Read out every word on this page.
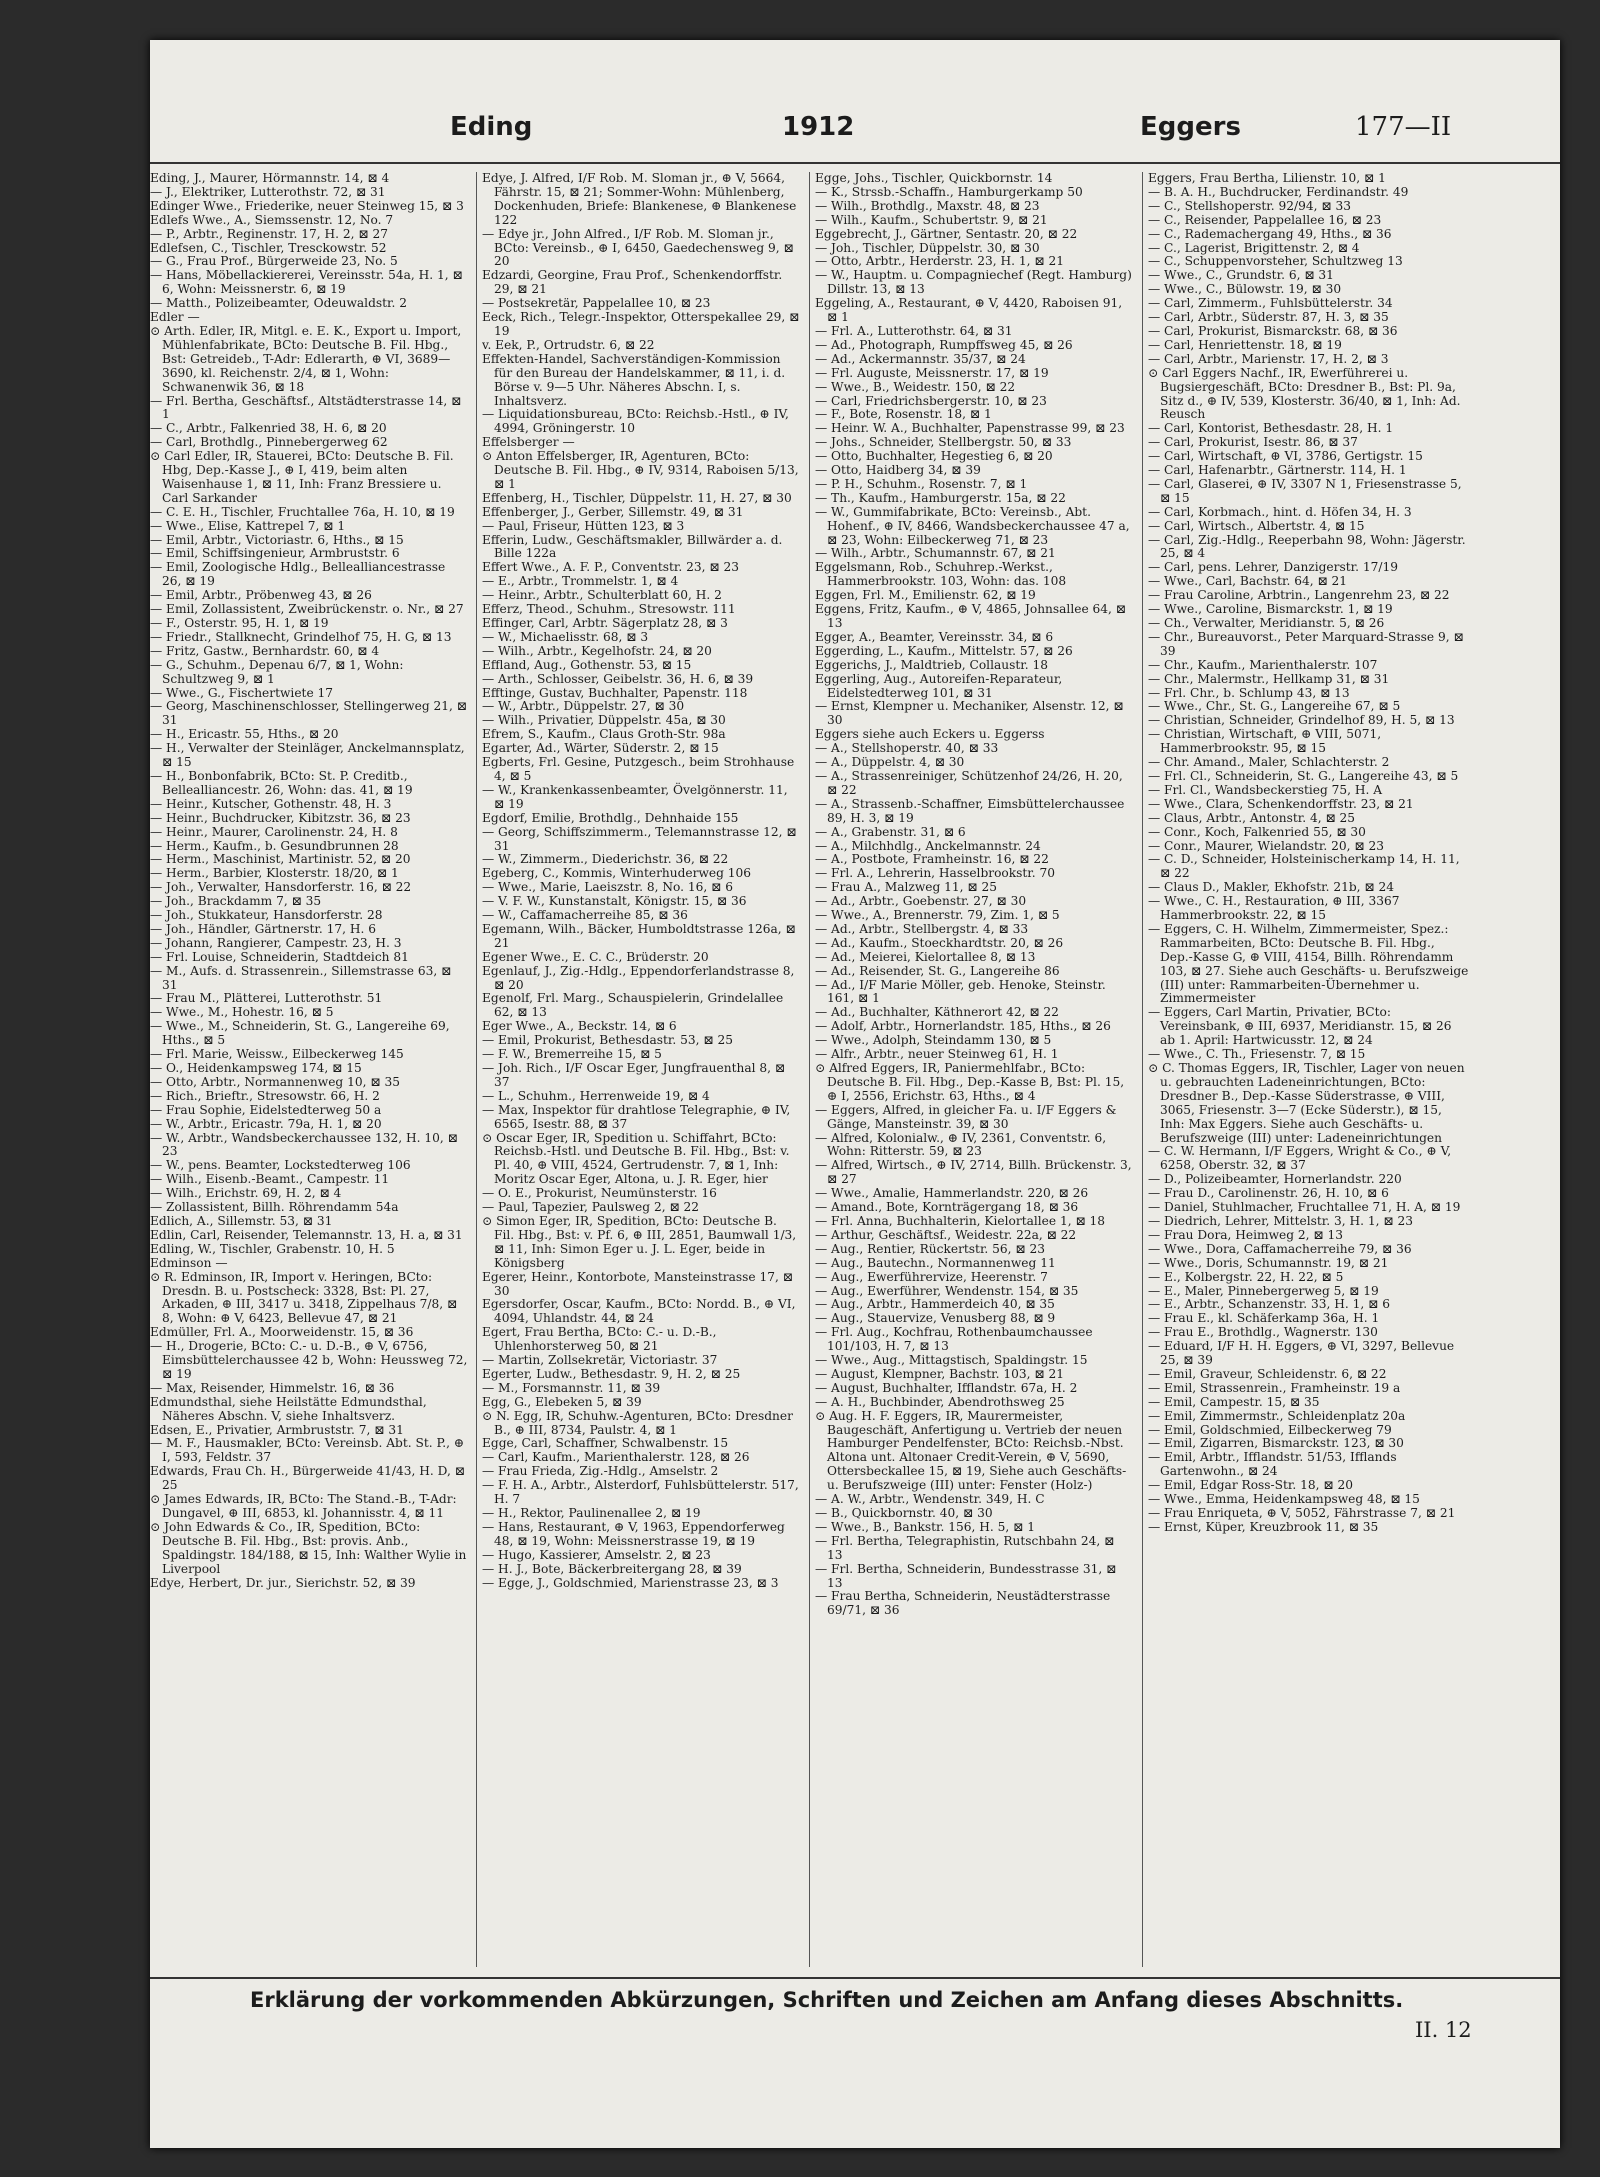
Eding	1912	Eggers	177—II

Eding, J., Maurer, Hörmannstr. 14, ⊠ 4

— J., Elektriker, Lutterothstr. 72, ⊠ 31

Edinger Wwe., Friederike, neuer Steinweg 15, ⊠ 3

Edlefs Wwe., A., Siemssenstr. 12, No. 7

— P., Arbtr., Reginenstr. 17, H. 2, ⊠ 27

Edlefsen, C., Tischler, Tresckowstr. 52

— G., Frau Prof., Bürgerweide 23, No. 5

— Hans, Möbellackiererei, Vereinsstr. 54a, H. 1, ⊠ 6, Wohn: Meissnerstr. 6, ⊠ 19

— Matth., Polizeibeamter, Odeuwaldstr. 2

Edler —

⊙ Arth. Edler, IR, Mitgl. e. E. K., Export u. Import, Mühlenfabrikate, BCto: Deutsche B. Fil. Hbg., Bst: Getreideb., T-Adr: Edlerarth, ⊕ VI, 3689—3690, kl. Reichenstr. 2/4, ⊠ 1, Wohn: Schwanenwik 36, ⊠ 18

— Frl. Bertha, Geschäftsf., Altstädterstrasse 14, ⊠ 1

— C., Arbtr., Falkenried 38, H. 6, ⊠ 20

— Carl, Brothdlg., Pinnebergerweg 62

⊙ Carl Edler, IR, Stauerei, BCto: Deutsche B. Fil. Hbg, Dep.-Kasse J., ⊕ I, 419, beim alten Waisenhause 1, ⊠ 11, Inh: Franz Bressiere u. Carl Sarkander

— C. E. H., Tischler, Fruchtallee 76a, H. 10, ⊠ 19

— Wwe., Elise, Kattrepel 7, ⊠ 1

— Emil, Arbtr., Victoriastr. 6, Hths., ⊠ 15

— Emil, Schiffsingenieur, Armbruststr. 6

— Emil, Zoologische Hdlg., Bellealliancestrasse 26, ⊠ 19

— Emil, Arbtr., Pröbenweg 43, ⊠ 26

— Emil, Zollassistent, Zweibrückenstr. o. Nr., ⊠ 27

— F., Osterstr. 95, H. 1, ⊠ 19

— Friedr., Stallknecht, Grindelhof 75, H. G, ⊠ 13

— Fritz, Gastw., Bernhardstr. 60, ⊠ 4

— G., Schuhm., Depenau 6/7, ⊠ 1, Wohn: Schultzweg 9, ⊠ 1

— Wwe., G., Fischertwiete 17

— Georg, Maschinenschlosser, Stellingerweg 21, ⊠ 31

— H., Ericastr. 55, Hths., ⊠ 20

— H., Verwalter der Steinläger, Anckelmannsplatz, ⊠ 15

— H., Bonbonfabrik, BCto: St. P. Creditb., Bellealliancestr. 26, Wohn: das. 41, ⊠ 19

— Heinr., Kutscher, Gothenstr. 48, H. 3

— Heinr., Buchdrucker, Kibitzstr. 36, ⊠ 23

— Heinr., Maurer, Carolinenstr. 24, H. 8

— Herm., Kaufm., b. Gesundbrunnen 28

— Herm., Maschinist, Martinistr. 52, ⊠ 20

— Herm., Barbier, Klosterstr. 18/20, ⊠ 1

— Joh., Verwalter, Hansdorferstr. 16, ⊠ 22

— Joh., Brackdamm 7, ⊠ 35

— Joh., Stukkateur, Hansdorferstr. 28

— Joh., Händler, Gärtnerstr. 17, H. 6

— Johann, Rangierer, Campestr. 23, H. 3

— Frl. Louise, Schneiderin, Stadtdeich 81

— M., Aufs. d. Strassenrein., Sillemstrasse 63, ⊠ 31

— Frau M., Plätterei, Lutterothstr. 51

— Wwe., M., Hohestr. 16, ⊠ 5

— Wwe., M., Schneiderin, St. G., Langereihe 69, Hths., ⊠ 5

— Frl. Marie, Weissw., Eilbeckerweg 145

— O., Heidenkampsweg 174, ⊠ 15

— Otto, Arbtr., Normannenweg 10, ⊠ 35

— Rich., Brieftr., Stresowstr. 66, H. 2

— Frau Sophie, Eidelstedterweg 50 a

— W., Arbtr., Ericastr. 79a, H. 1, ⊠ 20

— W., Arbtr., Wandsbeckerchaussee 132, H. 10, ⊠ 23

— W., pens. Beamter, Lockstedterweg 106

— Wilh., Eisenb.-Beamt., Campestr. 11

— Wilh., Erichstr. 69, H. 2, ⊠ 4

— Zollassistent, Billh. Röhrendamm 54a

Edlich, A., Sillemstr. 53, ⊠ 31

Edlin, Carl, Reisender, Telemannstr. 13, H. a, ⊠ 31

Edling, W., Tischler, Grabenstr. 10, H. 5

Edminson —

⊙ R. Edminson, IR, Import v. Heringen, BCto: Dresdn. B. u. Postscheck: 3328, Bst: Pl. 27, Arkaden, ⊕ III, 3417 u. 3418, Zippelhaus 7/8, ⊠ 8, Wohn: ⊕ V, 6423, Bellevue 47, ⊠ 21

Edmüller, Frl. A., Moorweidenstr. 15, ⊠ 36

— H., Drogerie, BCto: C.- u. D.-B., ⊕ V, 6756, Eimsbüttelerchaussee 42 b, Wohn: Heussweg 72, ⊠ 19

— Max, Reisender, Himmelstr. 16, ⊠ 36

Edmundsthal, siehe Heilstätte Edmundsthal, Näheres Abschn. V, siehe Inhaltsverz.

Edsen, E., Privatier, Armbruststr. 7, ⊠ 31

— M. F., Hausmakler, BCto: Vereinsb. Abt. St. P., ⊕ I, 593, Feldstr. 37

Edwards, Frau Ch. H., Bürgerweide 41/43, H. D, ⊠ 25

⊙ James Edwards, IR, BCto: The Stand.-B., T-Adr: Dungavel, ⊕ III, 6853, kl. Johannisstr. 4, ⊠ 11

⊙ John Edwards & Co., IR, Spedition, BCto: Deutsche B. Fil. Hbg., Bst: provis. Anb., Spaldingstr. 184/188, ⊠ 15, Inh: Walther Wylie in Liverpool

Edye, Herbert, Dr. jur., Sierichstr. 52, ⊠ 39

Edye, J. Alfred, I/F Rob. M. Sloman jr., ⊕ V, 5664, Fährstr. 15, ⊠ 21; Sommer-Wohn: Mühlenberg, Dockenhuden, Briefe: Blankenese, ⊕ Blankenese 122

— Edye jr., John Alfred., I/F Rob. M. Sloman jr., BCto: Vereinsb., ⊕ I, 6450, Gaedechensweg 9, ⊠ 20

Edzardi, Georgine, Frau Prof., Schenkendorffstr. 29, ⊠ 21

— Postsekretär, Pappelallee 10, ⊠ 23

Eeck, Rich., Telegr.-Inspektor, Otterspekallee 29, ⊠ 19

v. Eek, P., Ortrudstr. 6, ⊠ 22

Effekten-Handel, Sachverständigen-Kommission für den Bureau der Handelskammer, ⊠ 11, i. d. Börse v. 9—5 Uhr. Näheres Abschn. I, s. Inhaltsverz.

— Liquidationsbureau, BCto: Reichsb.-Hstl., ⊕ IV, 4994, Gröningerstr. 10

Effelsberger —

⊙ Anton Effelsberger, IR, Agenturen, BCto: Deutsche B. Fil. Hbg., ⊕ IV, 9314, Raboisen 5/13, ⊠ 1

Effenberg, H., Tischler, Düppelstr. 11, H. 27, ⊠ 30

Effenberger, J., Gerber, Sillemstr. 49, ⊠ 31

— Paul, Friseur, Hütten 123, ⊠ 3

Efferin, Ludw., Geschäftsmakler, Billwärder a. d. Bille 122a

Effert Wwe., A. F. P., Conventstr. 23, ⊠ 23

— E., Arbtr., Trommelstr. 1, ⊠ 4

— Heinr., Arbtr., Schulterblatt 60, H. 2

Efferz, Theod., Schuhm., Stresowstr. 111

Effinger, Carl, Arbtr. Sägerplatz 28, ⊠ 3

— W., Michaelisstr. 68, ⊠ 3

— Wilh., Arbtr., Kegelhofstr. 24, ⊠ 20

Effland, Aug., Gothenstr. 53, ⊠ 15

— Arth., Schlosser, Geibelstr. 36, H. 6, ⊠ 39

Efftinge, Gustav, Buchhalter, Papenstr. 118

— W., Arbtr., Düppelstr. 27, ⊠ 30

— Wilh., Privatier, Düppelstr. 45a, ⊠ 30

Efrem, S., Kaufm., Claus Groth-Str. 98a

Egarter, Ad., Wärter, Süderstr. 2, ⊠ 15

Egberts, Frl. Gesine, Putzgesch., beim Strohhause 4, ⊠ 5

— W., Krankenkassenbeamter, Övelgönnerstr. 11, ⊠ 19

Egdorf, Emilie, Brothdlg., Dehnhaide 155

— Georg, Schiffszimmerm., Telemannstrasse 12, ⊠ 31

— W., Zimmerm., Diederichstr. 36, ⊠ 22

Egeberg, C., Kommis, Winterhuderweg 106

— Wwe., Marie, Laeiszstr. 8, No. 16, ⊠ 6

— V. F. W., Kunstanstalt, Königstr. 15, ⊠ 36

— W., Caffamacherreihe 85, ⊠ 36

Egemann, Wilh., Bäcker, Humboldtstrasse 126a, ⊠ 21

Egener Wwe., E. C. C., Brüderstr. 20

Egenlauf, J., Zig.-Hdlg., Eppendorferlandstrasse 8, ⊠ 20

Egenolf, Frl. Marg., Schauspielerin, Grindelallee 62, ⊠ 13

Eger Wwe., A., Beckstr. 14, ⊠ 6

— Emil, Prokurist, Bethesdastr. 53, ⊠ 25

— F. W., Bremerreihe 15, ⊠ 5

— Joh. Rich., I/F Oscar Eger, Jungfrauenthal 8, ⊠ 37

— L., Schuhm., Herrenweide 19, ⊠ 4

— Max, Inspektor für drahtlose Telegraphie, ⊕ IV, 6565, Isestr. 88, ⊠ 37

⊙ Oscar Eger, IR, Spedition u. Schiffahrt, BCto: Reichsb.-Hstl. und Deutsche B. Fil. Hbg., Bst: v. Pl. 40, ⊕ VIII, 4524, Gertrudenstr. 7, ⊠ 1, Inh: Moritz Oscar Eger, Altona, u. J. R. Eger, hier

— O. E., Prokurist, Neumünsterstr. 16

— Paul, Tapezier, Paulsweg 2, ⊠ 22

⊙ Simon Eger, IR, Spedition, BCto: Deutsche B. Fil. Hbg., Bst: v. Pf. 6, ⊕ III, 2851, Baumwall 1/3, ⊠ 11, Inh: Simon Eger u. J. L. Eger, beide in Königsberg

Egerer, Heinr., Kontorbote, Mansteinstrasse 17, ⊠ 30

Egersdorfer, Oscar, Kaufm., BCto: Nordd. B., ⊕ VI, 4094, Uhlandstr. 44, ⊠ 24

Egert, Frau Bertha, BCto: C.- u. D.-B., Uhlenhorsterweg 50, ⊠ 21

— Martin, Zollsekretär, Victoriastr. 37

Egerter, Ludw., Bethesdastr. 9, H. 2, ⊠ 25

— M., Forsmannstr. 11, ⊠ 39

Egg, G., Elebeken 5, ⊠ 39

⊙ N. Egg, IR, Schuhw.-Agenturen, BCto: Dresdner B., ⊕ III, 8734, Paulstr. 4, ⊠ 1

Egge, Carl, Schaffner, Schwalbenstr. 15

— Carl, Kaufm., Marienthalerstr. 128, ⊠ 26

— Frau Frieda, Zig.-Hdlg., Amselstr. 2

— F. H. A., Arbtr., Alsterdorf, Fuhlsbüttelerstr. 517, H. 7

— H., Rektor, Paulinenallee 2, ⊠ 19

— Hans, Restaurant, ⊕ V, 1963, Eppendorferweg 48, ⊠ 19, Wohn: Meissnerstrasse 19, ⊠ 19

— Hugo, Kassierer, Amselstr. 2, ⊠ 23

— H. J., Bote, Bäckerbreitergang 28, ⊠ 39

— Egge, J., Goldschmied, Marienstrasse 23, ⊠ 3

Egge, Johs., Tischler, Quickbornstr. 14

— K., Strssb.-Schaffn., Hamburgerkamp 50

— Wilh., Brothdlg., Maxstr. 48, ⊠ 23

— Wilh., Kaufm., Schubertstr. 9, ⊠ 21

Eggebrecht, J., Gärtner, Sentastr. 20, ⊠ 22

— Joh., Tischler, Düppelstr. 30, ⊠ 30

— Otto, Arbtr., Herderstr. 23, H. 1, ⊠ 21

— W., Hauptm. u. Compagniechef (Regt. Hamburg) Dillstr. 13, ⊠ 13

Eggeling, A., Restaurant, ⊕ V, 4420, Raboisen 91, ⊠ 1

— Frl. A., Lutterothstr. 64, ⊠ 31

— Ad., Photograph, Rumpffsweg 45, ⊠ 26

— Ad., Ackermannstr. 35/37, ⊠ 24

— Frl. Auguste, Meissnerstr. 17, ⊠ 19

— Wwe., B., Weidestr. 150, ⊠ 22

— Carl, Friedrichsbergerstr. 10, ⊠ 23

— F., Bote, Rosenstr. 18, ⊠ 1

— Heinr. W. A., Buchhalter, Papenstrasse 99, ⊠ 23

— Johs., Schneider, Stellbergstr. 50, ⊠ 33

— Otto, Buchhalter, Hegestieg 6, ⊠ 20

— Otto, Haidberg 34, ⊠ 39

— P. H., Schuhm., Rosenstr. 7, ⊠ 1

— Th., Kaufm., Hamburgerstr. 15a, ⊠ 22

— W., Gummifabrikate, BCto: Vereinsb., Abt. Hohenf., ⊕ IV, 8466, Wandsbeckerchaussee 47 a, ⊠ 23, Wohn: Eilbeckerweg 71, ⊠ 23

— Wilh., Arbtr., Schumannstr. 67, ⊠ 21

Eggelsmann, Rob., Schuhrep.-Werkst., Hammerbrookstr. 103, Wohn: das. 108

Eggen, Frl. M., Emilienstr. 62, ⊠ 19

Eggens, Fritz, Kaufm., ⊕ V, 4865, Johnsallee 64, ⊠ 13

Egger, A., Beamter, Vereinsstr. 34, ⊠ 6

Eggerding, L., Kaufm., Mittelstr. 57, ⊠ 26

Eggerichs, J., Maldtrieb, Collaustr. 18

Eggerling, Aug., Autoreifen-Reparateur, Eidelstedterweg 101, ⊠ 31

— Ernst, Klempner u. Mechaniker, Alsenstr. 12, ⊠ 30

Eggers siehe auch Eckers u. Eggerss

— A., Stellshoperstr. 40, ⊠ 33

— A., Düppelstr. 4, ⊠ 30

— A., Strassenreiniger, Schützenhof 24/26, H. 20, ⊠ 22

— A., Strassenb.-Schaffner, Eimsbüttelerchaussee 89, H. 3, ⊠ 19

— A., Grabenstr. 31, ⊠ 6

— A., Milchhdlg., Anckelmannstr. 24

— A., Postbote, Framheinstr. 16, ⊠ 22

— Frl. A., Lehrerin, Hasselbrookstr. 70

— Frau A., Malzweg 11, ⊠ 25

— Ad., Arbtr., Goebenstr. 27, ⊠ 30

— Wwe., A., Brennerstr. 79, Zim. 1, ⊠ 5

— Ad., Arbtr., Stellbergstr. 4, ⊠ 33

— Ad., Kaufm., Stoeckhardtstr. 20, ⊠ 26

— Ad., Meierei, Kielortallee 8, ⊠ 13

— Ad., Reisender, St. G., Langereihe 86

— Ad., I/F Marie Möller, geb. Henoke, Steinstr. 161, ⊠ 1

— Ad., Buchhalter, Käthnerort 42, ⊠ 22

— Adolf, Arbtr., Hornerlandstr. 185, Hths., ⊠ 26

— Wwe., Adolph, Steindamm 130, ⊠ 5

— Alfr., Arbtr., neuer Steinweg 61, H. 1

⊙ Alfred Eggers, IR, Paniermehlfabr., BCto: Deutsche B. Fil. Hbg., Dep.-Kasse B, Bst: Pl. 15, ⊕ I, 2556, Erichstr. 63, Hths., ⊠ 4

— Eggers, Alfred, in gleicher Fa. u. I/F Eggers & Gänge, Mansteinstr. 39, ⊠ 30

— Alfred, Kolonialw., ⊕ IV, 2361, Conventstr. 6, Wohn: Ritterstr. 59, ⊠ 23

— Alfred, Wirtsch., ⊕ IV, 2714, Billh. Brückenstr. 3, ⊠ 27

— Wwe., Amalie, Hammerlandstr. 220, ⊠ 26

— Amand., Bote, Kornträgergang 18, ⊠ 36

— Frl. Anna, Buchhalterin, Kielortallee 1, ⊠ 18

— Arthur, Geschäftsf., Weidestr. 22a, ⊠ 22

— Aug., Rentier, Rückertstr. 56, ⊠ 23

— Aug., Bautechn., Normannenweg 11

— Aug., Ewerführervize, Heerenstr. 7

— Aug., Ewerführer, Wendenstr. 154, ⊠ 35

— Aug., Arbtr., Hammerdeich 40, ⊠ 35

— Aug., Stauervize, Venusberg 88, ⊠ 9

— Frl. Aug., Kochfrau, Rothenbaumchaussee 101/103, H. 7, ⊠ 13

— Wwe., Aug., Mittagstisch, Spaldingstr. 15

— August, Klempner, Bachstr. 103, ⊠ 21

— August, Buchhalter, Ifflandstr. 67a, H. 2

— A. H., Buchbinder, Abendrothsweg 25

⊙ Aug. H. F. Eggers, IR, Maurermeister, Baugeschäft, Anfertigung u. Vertrieb der neuen Hamburger Pendelfenster, BCto: Reichsb.-Nbst. Altona unt. Altonaer Credit-Verein, ⊕ V, 5690, Ottersbeckallee 15, ⊠ 19, Siehe auch Geschäfts- u. Berufszweige (III) unter: Fenster (Holz-)

— A. W., Arbtr., Wendenstr. 349, H. C

— B., Quickbornstr. 40, ⊠ 30

— Wwe., B., Bankstr. 156, H. 5, ⊠ 1

— Frl. Bertha, Telegraphistin, Rutschbahn 24, ⊠ 13

— Frl. Bertha, Schneiderin, Bundesstrasse 31, ⊠ 13

— Frau Bertha, Schneiderin, Neustädterstrasse 69/71, ⊠ 36

Eggers, Frau Bertha, Lilienstr. 10, ⊠ 1

— B. A. H., Buchdrucker, Ferdinandstr. 49

— C., Stellshoperstr. 92/94, ⊠ 33

— C., Reisender, Pappelallee 16, ⊠ 23

— C., Rademachergang 49, Hths., ⊠ 36

— C., Lagerist, Brigittenstr. 2, ⊠ 4

— C., Schuppenvorsteher, Schultzweg 13

— Wwe., C., Grundstr. 6, ⊠ 31

— Wwe., C., Bülowstr. 19, ⊠ 30

— Carl, Zimmerm., Fuhlsbüttelerstr. 34

— Carl, Arbtr., Süderstr. 87, H. 3, ⊠ 35

— Carl, Prokurist, Bismarckstr. 68, ⊠ 36

— Carl, Henriettenstr. 18, ⊠ 19

— Carl, Arbtr., Marienstr. 17, H. 2, ⊠ 3

⊙ Carl Eggers Nachf., IR, Ewerführerei u. Bugsiergeschäft, BCto: Dresdner B., Bst: Pl. 9a, Sitz d., ⊕ IV, 539, Klosterstr. 36/40, ⊠ 1, Inh: Ad. Reusch

— Carl, Kontorist, Bethesdastr. 28, H. 1

— Carl, Prokurist, Isestr. 86, ⊠ 37

— Carl, Wirtschaft, ⊕ VI, 3786, Gertigstr. 15

— Carl, Hafenarbtr., Gärtnerstr. 114, H. 1

— Carl, Glaserei, ⊕ IV, 3307 N 1, Friesenstrasse 5, ⊠ 15

— Carl, Korbmach., hint. d. Höfen 34, H. 3

— Carl, Wirtsch., Albertstr. 4, ⊠ 15

— Carl, Zig.-Hdlg., Reeperbahn 98, Wohn: Jägerstr. 25, ⊠ 4

— Carl, pens. Lehrer, Danzigerstr. 17/19

— Wwe., Carl, Bachstr. 64, ⊠ 21

— Frau Caroline, Arbtrin., Langenrehm 23, ⊠ 22

— Wwe., Caroline, Bismarckstr. 1, ⊠ 19

— Ch., Verwalter, Meridianstr. 5, ⊠ 26

— Chr., Bureauvorst., Peter Marquard-Strasse 9, ⊠ 39

— Chr., Kaufm., Marienthalerstr. 107

— Chr., Malermstr., Hellkamp 31, ⊠ 31

— Frl. Chr., b. Schlump 43, ⊠ 13

— Wwe., Chr., St. G., Langereihe 67, ⊠ 5

— Christian, Schneider, Grindelhof 89, H. 5, ⊠ 13

— Christian, Wirtschaft, ⊕ VIII, 5071, Hammerbrookstr. 95, ⊠ 15

— Chr. Amand., Maler, Schlachterstr. 2

— Frl. Cl., Schneiderin, St. G., Langereihe 43, ⊠ 5

— Frl. Cl., Wandsbeckerstieg 75, H. A

— Wwe., Clara, Schenkendorffstr. 23, ⊠ 21

— Claus, Arbtr., Antonstr. 4, ⊠ 25

— Conr., Koch, Falkenried 55, ⊠ 30

— Conr., Maurer, Wielandstr. 20, ⊠ 23

— C. D., Schneider, Holsteinischerkamp 14, H. 11, ⊠ 22

— Claus D., Makler, Ekhofstr. 21b, ⊠ 24

— Wwe., C. H., Restauration, ⊕ III, 3367 Hammerbrookstr. 22, ⊠ 15

— Eggers, C. H. Wilhelm, Zimmermeister, Spez.: Rammarbeiten, BCto: Deutsche B. Fil. Hbg., Dep.-Kasse G, ⊕ VIII, 4154, Billh. Röhrendamm 103, ⊠ 27. Siehe auch Geschäfts- u. Berufszweige (III) unter: Rammarbeiten-Übernehmer u. Zimmermeister

— Eggers, Carl Martin, Privatier, BCto: Vereinsbank, ⊕ III, 6937, Meridianstr. 15, ⊠ 26 ab 1. April: Hartwicusstr. 12, ⊠ 24

— Wwe., C. Th., Friesenstr. 7, ⊠ 15

⊙ C. Thomas Eggers, IR, Tischler, Lager von neuen u. gebrauchten Ladeneinrichtungen, BCto: Dresdner B., Dep.-Kasse Süderstrasse, ⊕ VIII, 3065, Friesenstr. 3—7 (Ecke Süderstr.), ⊠ 15, Inh: Max Eggers. Siehe auch Geschäfts- u. Berufszweige (III) unter: Ladeneinrichtungen

— C. W. Hermann, I/F Eggers, Wright & Co., ⊕ V, 6258, Oberstr. 32, ⊠ 37

— D., Polizeibeamter, Hornerlandstr. 220

— Frau D., Carolinenstr. 26, H. 10, ⊠ 6

— Daniel, Stuhlmacher, Fruchtallee 71, H. A, ⊠ 19

— Diedrich, Lehrer, Mittelstr. 3, H. 1, ⊠ 23

— Frau Dora, Heimweg 2, ⊠ 13

— Wwe., Dora, Caffamacherreihe 79, ⊠ 36

— Wwe., Doris, Schumannstr. 19, ⊠ 21

— E., Kolbergstr. 22, H. 22, ⊠ 5

— E., Maler, Pinnebergerweg 5, ⊠ 19

— E., Arbtr., Schanzenstr. 33, H. 1, ⊠ 6

— Frau E., kl. Schäferkamp 36a, H. 1

— Frau E., Brothdlg., Wagnerstr. 130

— Eduard, I/F H. H. Eggers, ⊕ VI, 3297, Bellevue 25, ⊠ 39

— Emil, Graveur, Schleidenstr. 6, ⊠ 22

— Emil, Strassenrein., Framheinstr. 19 a

— Emil, Campestr. 15, ⊠ 35

— Emil, Zimmermstr., Schleidenplatz 20a

— Emil, Goldschmied, Eilbeckerweg 79

— Emil, Zigarren, Bismarckstr. 123, ⊠ 30

— Emil, Arbtr., Ifflandstr. 51/53, Ifflands Gartenwohn., ⊠ 24

— Emil, Edgar Ross-Str. 18, ⊠ 20

— Wwe., Emma, Heidenkampsweg 48, ⊠ 15

— Frau Enriqueta, ⊕ V, 5052, Fährstrasse 7, ⊠ 21

— Ernst, Küper, Kreuzbrook 11, ⊠ 35

Erklärung der vorkommenden Abkürzungen, Schriften und Zeichen am Anfang dieses Abschnitts.
II. 12
